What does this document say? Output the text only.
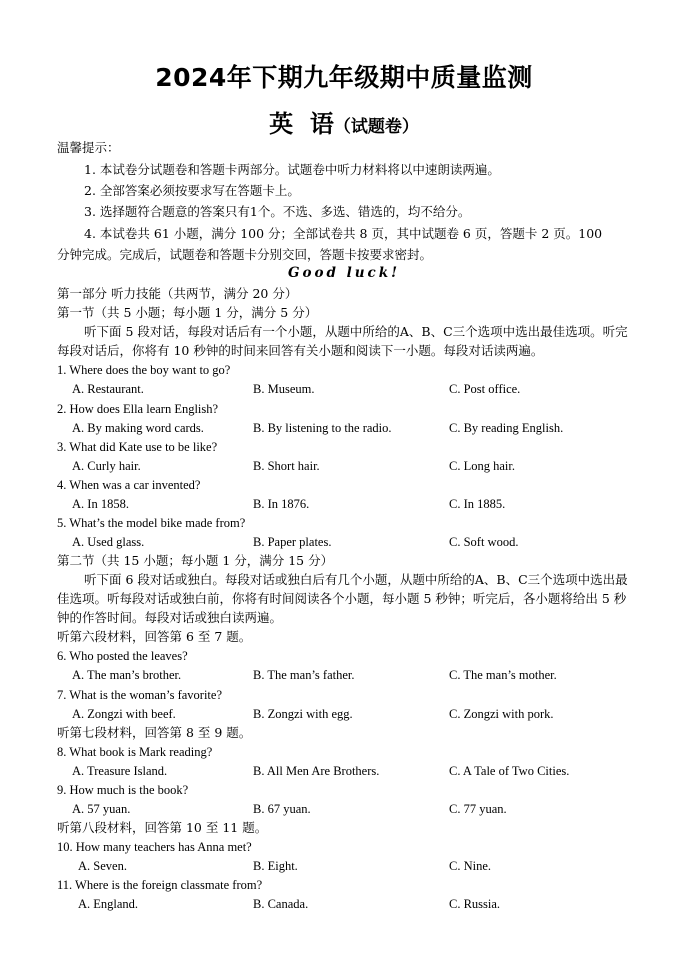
2024年下期九年级期中质量监测
英  语（试题卷）
温馨提示：
1. 本试卷分试题卷和答题卡两部分。试题卷中听力材料将以中速朗读两遍。
2. 全部答案必须按要求写在答题卡上。
3. 选择题符合题意的答案只有1个。不选、多选、错选的，均不给分。
4. 本试卷共 61 小题，满分 100 分；全部试卷共 8 页，其中试题卷 6 页，答题卡 2 页。100
分钟完成。完成后，试题卷和答题卡分别交回，答题卡按要求密封。
Good luck!
第一部分 听力技能（共两节，满分 20 分）
第一节（共 5 小题；每小题 1 分，满分 5 分）
听下面 5 段对话，每段对话后有一个小题，从题中所给的A、B、C三个选项中选出最佳选项。听完每段对话后，你将有 10 秒钟的时间来回答有关小题和阅读下一小题。每段对话读两遍。
1. Where does the boy want to go?
A. Restaurant.	B. Museum.	C. Post office.
2. How does Ella learn English?
A. By making word cards.	B. By listening to the radio.	C. By reading English.
3. What did Kate use to be like?
A. Curly hair.	B. Short hair.	C. Long hair.
4. When was a car invented?
A. In 1858.	B. In 1876.	C. In 1885.
5. What’s the model bike made from?
A. Used glass.	B. Paper plates.	C. Soft wood.
第二节（共 15 小题；每小题 1 分，满分 15 分）
听下面 6 段对话或独白。每段对话或独白后有几个小题，从题中所给的A、B、C三个选项中选出最佳选项。听每段对话或独白前，你将有时间阅读各个小题，每小题 5 秒钟；听完后，各小题将给出 5 秒钟的作答时间。每段对话或独白读两遍。
听第六段材料，回答第 6 至 7 题。
6. Who posted the leaves?
A. The man’s brother.	B. The man’s father.	C. The man’s mother.
7. What is the woman’s favorite?
A. Zongzi with beef.	B. Zongzi with egg.	C. Zongzi with pork.
听第七段材料，回答第 8 至 9 题。
8. What book is Mark reading?
A. Treasure Island.	B. All Men Are Brothers.	C. A Tale of Two Cities.
9. How much is the book?
A. 57 yuan.	B. 67 yuan.	C. 77 yuan.
听第八段材料，回答第 10 至 11 题。
10. How many teachers has Anna met?
A. Seven.	B. Eight.	C. Nine.
11. Where is the foreign classmate from?
A. England.	B. Canada.	C. Russia.
